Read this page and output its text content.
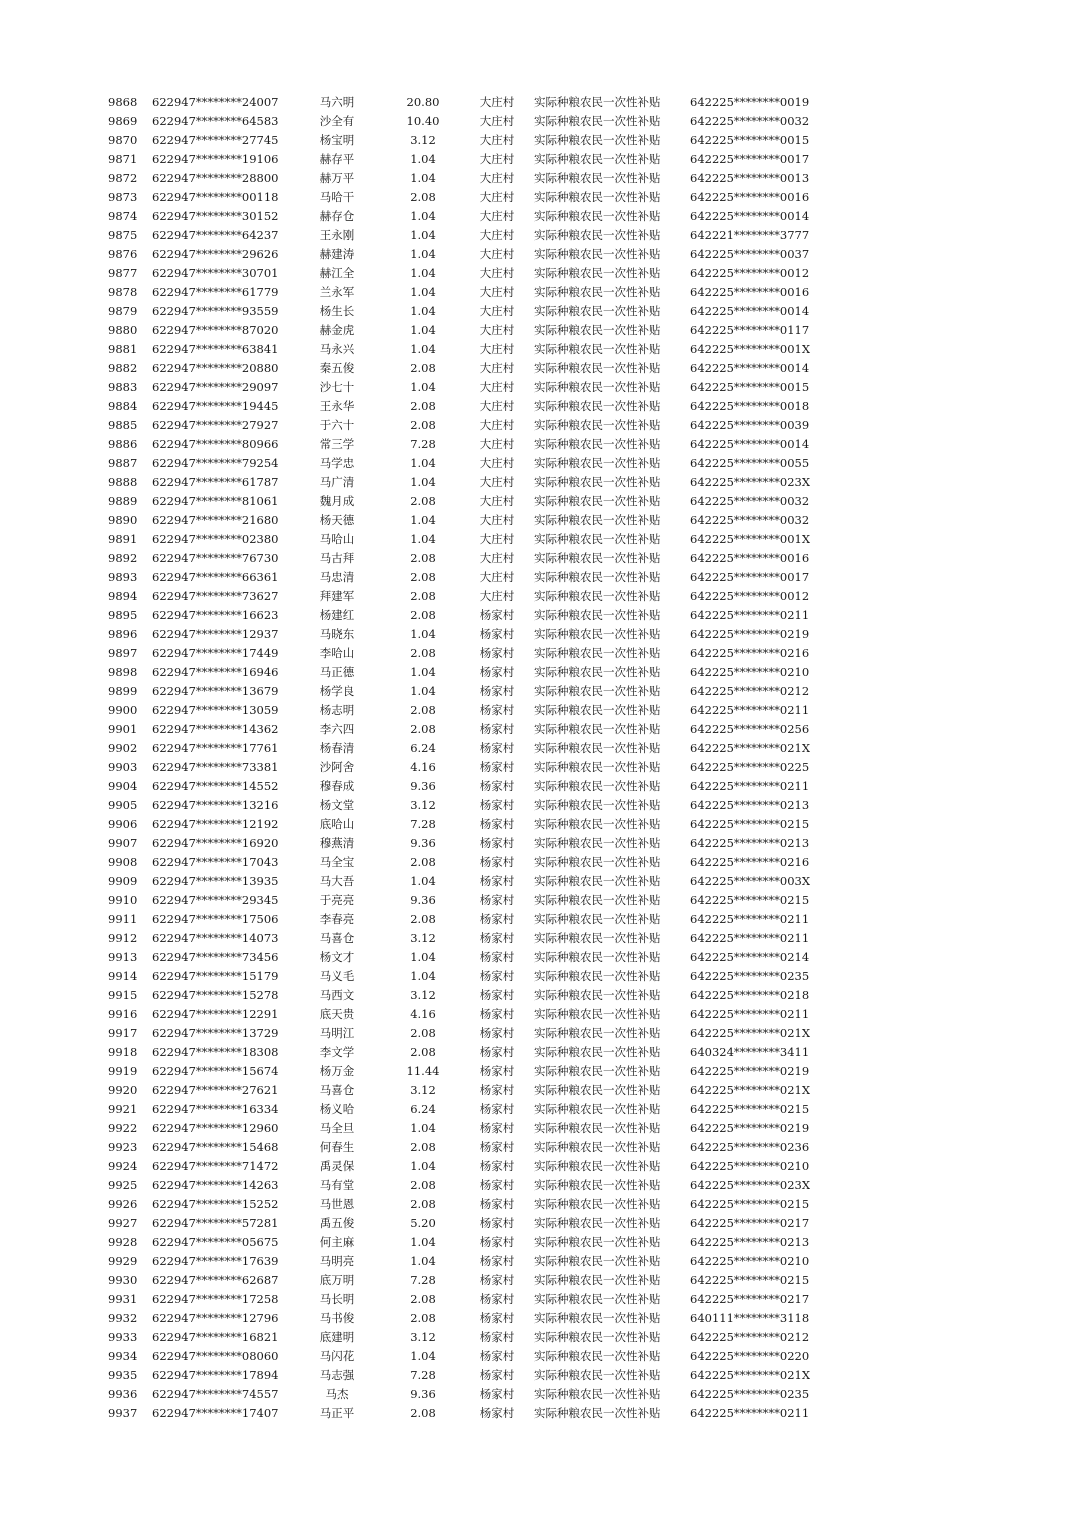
9868	622947********24007	马六明	20.80	大庄村	实际种粮农民一次性补贴	642225********0019
9869	622947********64583	沙全有	10.40	大庄村	实际种粮农民一次性补贴	642225********0032
9870	622947********27745	杨宝明	3.12	大庄村	实际种粮农民一次性补贴	642225********0015
9871	622947********19106	赫存平	1.04	大庄村	实际种粮农民一次性补贴	642225********0017
9872	622947********28800	赫万平	1.04	大庄村	实际种粮农民一次性补贴	642225********0013
9873	622947********00118	马哈干	2.08	大庄村	实际种粮农民一次性补贴	642225********0016
9874	622947********30152	赫存仓	1.04	大庄村	实际种粮农民一次性补贴	642225********0014
9875	622947********64237	王永刚	1.04	大庄村	实际种粮农民一次性补贴	642221********3777
9876	622947********29626	赫建涛	1.04	大庄村	实际种粮农民一次性补贴	642225********0037
9877	622947********30701	赫江全	1.04	大庄村	实际种粮农民一次性补贴	642225********0012
9878	622947********61779	兰永军	1.04	大庄村	实际种粮农民一次性补贴	642225********0016
9879	622947********93559	杨生长	1.04	大庄村	实际种粮农民一次性补贴	642225********0014
9880	622947********87020	赫金虎	1.04	大庄村	实际种粮农民一次性补贴	642225********0117
9881	622947********63841	马永兴	1.04	大庄村	实际种粮农民一次性补贴	642225********001X
9882	622947********20880	秦五俊	2.08	大庄村	实际种粮农民一次性补贴	642225********0014
9883	622947********29097	沙七十	1.04	大庄村	实际种粮农民一次性补贴	642225********0015
9884	622947********19445	王永华	2.08	大庄村	实际种粮农民一次性补贴	642225********0018
9885	622947********27927	于六十	2.08	大庄村	实际种粮农民一次性补贴	642225********0039
9886	622947********80966	常三学	7.28	大庄村	实际种粮农民一次性补贴	642225********0014
9887	622947********79254	马学忠	1.04	大庄村	实际种粮农民一次性补贴	642225********0055
9888	622947********61787	马广清	1.04	大庄村	实际种粮农民一次性补贴	642225********023X
9889	622947********81061	魏月成	2.08	大庄村	实际种粮农民一次性补贴	642225********0032
9890	622947********21680	杨天德	1.04	大庄村	实际种粮农民一次性补贴	642225********0032
9891	622947********02380	马哈山	1.04	大庄村	实际种粮农民一次性补贴	642225********001X
9892	622947********76730	马古拜	2.08	大庄村	实际种粮农民一次性补贴	642225********0016
9893	622947********66361	马忠清	2.08	大庄村	实际种粮农民一次性补贴	642225********0017
9894	622947********73627	拜建军	2.08	大庄村	实际种粮农民一次性补贴	642225********0012
9895	622947********16623	杨建红	2.08	杨家村	实际种粮农民一次性补贴	642225********0211
9896	622947********12937	马晓东	1.04	杨家村	实际种粮农民一次性补贴	642225********0219
9897	622947********17449	李哈山	2.08	杨家村	实际种粮农民一次性补贴	642225********0216
9898	622947********16946	马正德	1.04	杨家村	实际种粮农民一次性补贴	642225********0210
9899	622947********13679	杨学良	1.04	杨家村	实际种粮农民一次性补贴	642225********0212
9900	622947********13059	杨志明	2.08	杨家村	实际种粮农民一次性补贴	642225********0211
9901	622947********14362	李六四	2.08	杨家村	实际种粮农民一次性补贴	642225********0256
9902	622947********17761	杨春清	6.24	杨家村	实际种粮农民一次性补贴	642225********021X
9903	622947********73381	沙阿舍	4.16	杨家村	实际种粮农民一次性补贴	642225********0225
9904	622947********14552	穆春成	9.36	杨家村	实际种粮农民一次性补贴	642225********0211
9905	622947********13216	杨文堂	3.12	杨家村	实际种粮农民一次性补贴	642225********0213
9906	622947********12192	底哈山	7.28	杨家村	实际种粮农民一次性补贴	642225********0215
9907	622947********16920	穆燕清	9.36	杨家村	实际种粮农民一次性补贴	642225********0213
9908	622947********17043	马全宝	2.08	杨家村	实际种粮农民一次性补贴	642225********0216
9909	622947********13935	马大吾	1.04	杨家村	实际种粮农民一次性补贴	642225********003X
9910	622947********29345	于亮亮	9.36	杨家村	实际种粮农民一次性补贴	642225********0215
9911	622947********17506	李春亮	2.08	杨家村	实际种粮农民一次性补贴	642225********0211
9912	622947********14073	马喜仓	3.12	杨家村	实际种粮农民一次性补贴	642225********0211
9913	622947********73456	杨文才	1.04	杨家村	实际种粮农民一次性补贴	642225********0214
9914	622947********15179	马义毛	1.04	杨家村	实际种粮农民一次性补贴	642225********0235
9915	622947********15278	马西文	3.12	杨家村	实际种粮农民一次性补贴	642225********0218
9916	622947********12291	底天贵	4.16	杨家村	实际种粮农民一次性补贴	642225********0211
9917	622947********13729	马明江	2.08	杨家村	实际种粮农民一次性补贴	642225********021X
9918	622947********18308	李文学	2.08	杨家村	实际种粮农民一次性补贴	640324********3411
9919	622947********15674	杨万金	11.44	杨家村	实际种粮农民一次性补贴	642225********0219
9920	622947********27621	马喜仓	3.12	杨家村	实际种粮农民一次性补贴	642225********021X
9921	622947********16334	杨义哈	6.24	杨家村	实际种粮农民一次性补贴	642225********0215
9922	622947********12960	马全旦	1.04	杨家村	实际种粮农民一次性补贴	642225********0219
9923	622947********15468	何春生	2.08	杨家村	实际种粮农民一次性补贴	642225********0236
9924	622947********71472	禹灵保	1.04	杨家村	实际种粮农民一次性补贴	642225********0210
9925	622947********14263	马有堂	2.08	杨家村	实际种粮农民一次性补贴	642225********023X
9926	622947********15252	马世恩	2.08	杨家村	实际种粮农民一次性补贴	642225********0215
9927	622947********57281	禹五俊	5.20	杨家村	实际种粮农民一次性补贴	642225********0217
9928	622947********05675	何主麻	1.04	杨家村	实际种粮农民一次性补贴	642225********0213
9929	622947********17639	马明亮	1.04	杨家村	实际种粮农民一次性补贴	642225********0210
9930	622947********62687	底万明	7.28	杨家村	实际种粮农民一次性补贴	642225********0215
9931	622947********17258	马长明	2.08	杨家村	实际种粮农民一次性补贴	642225********0217
9932	622947********12796	马书俊	2.08	杨家村	实际种粮农民一次性补贴	640111********3118
9933	622947********16821	底建明	3.12	杨家村	实际种粮农民一次性补贴	642225********0212
9934	622947********08060	马闪花	1.04	杨家村	实际种粮农民一次性补贴	642225********0220
9935	622947********17894	马志强	7.28	杨家村	实际种粮农民一次性补贴	642225********021X
9936	622947********74557	马杰	9.36	杨家村	实际种粮农民一次性补贴	642225********0235
9937	622947********17407	马正平	2.08	杨家村	实际种粮农民一次性补贴	642225********0211
